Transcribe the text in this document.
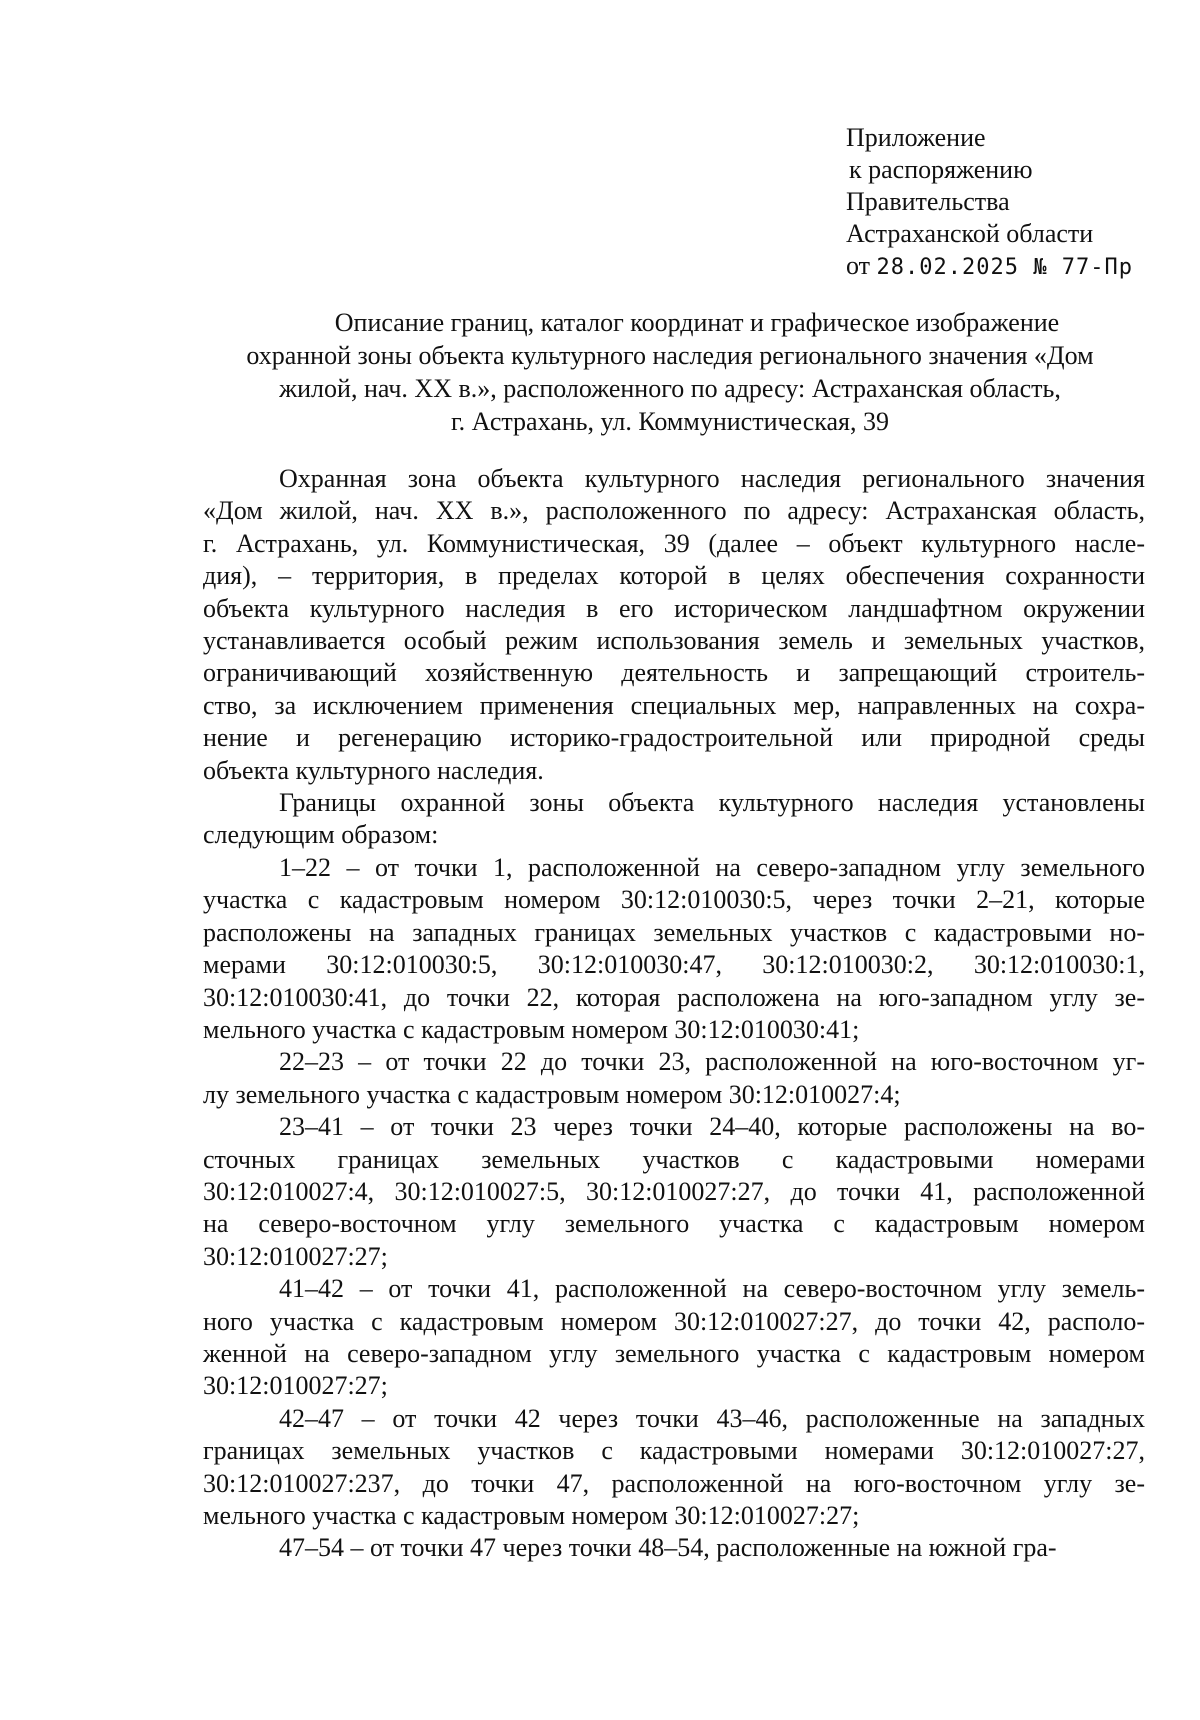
Приложение
к распоряжению
Правительства
Астраханской области
от 28.02.2025 № 77-Пр
Описание границ, каталог координат и графическое изображение
охранной зоны объекта культурного наследия регионального значения «Дом
жилой, нач. XX в.», расположенного по адресу: Астраханская область,
г. Астрахань, ул. Коммунистическая, 39

Охранная зона объекта культурного наследия регионального значения
«Дом жилой, нач. XX в.», расположенного по адресу: Астраханская область,
г. Астрахань, ул. Коммунистическая, 39 (далее – объект культурного насле-
дия), – территория, в пределах которой в целях обеспечения сохранности
объекта культурного наследия в его историческом ландшафтном окружении
устанавливается особый режим использования земель и земельных участков,
ограничивающий хозяйственную деятельность и запрещающий строитель-
ство, за исключением применения специальных мер, направленных на сохра-
нение и регенерацию историко-градостроительной или природной среды
объекта культурного наследия.

Границы охранной зоны объекта культурного наследия установлены
следующим образом:

1–22 – от точки 1, расположенной на северо-западном углу земельного
участка с кадастровым номером 30:12:010030:5, через точки 2–21, которые
расположены на западных границах земельных участков с кадастровыми но-
мерами 30:12:010030:5, 30:12:010030:47, 30:12:010030:2, 30:12:010030:1,
30:12:010030:41, до точки 22, которая расположена на юго-западном углу зе-
мельного участка с кадастровым номером 30:12:010030:41;

22–23 – от точки 22 до точки 23, расположенной на юго-восточном уг-
лу земельного участка с кадастровым номером 30:12:010027:4;

23–41 – от точки 23 через точки 24–40, которые расположены на во-
сточных границах земельных участков с кадастровыми номерами
30:12:010027:4, 30:12:010027:5, 30:12:010027:27, до точки 41, расположенной
на северо-восточном углу земельного участка с кадастровым номером
30:12:010027:27;

41–42 – от точки 41, расположенной на северо-восточном углу земель-
ного участка с кадастровым номером 30:12:010027:27, до точки 42, располо-
женной на северо-западном углу земельного участка с кадастровым номером
30:12:010027:27;

42–47 – от точки 42 через точки 43–46, расположенные на западных
границах земельных участков с кадастровыми номерами 30:12:010027:27,
30:12:010027:237, до точки 47, расположенной на юго-восточном углу зе-
мельного участка с кадастровым номером 30:12:010027:27;

47–54 – от точки 47 через точки 48–54, расположенные на южной гра-
